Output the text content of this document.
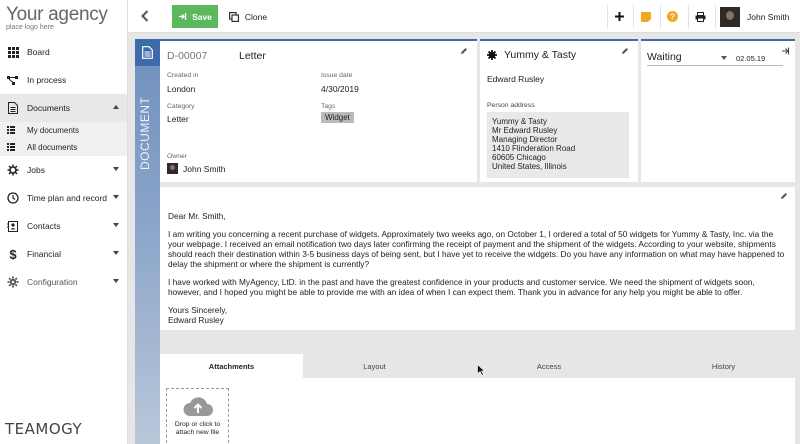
Your agency
place logo here
Board
In process
Documents
My documents
All documents
Jobs
Time plan and record
Contacts
$ Financial
Configuration
TEAMOGY
Save	Clone	?	John Smith
DOCUMENT
D-00007	Letter
Created in
London
Issue date
4/30/2019
Category
Letter
Tags
Widget
Owner
John Smith
Yummy & Tasty
Edward Rusley
Person address
Yummy & Tasty
Mr Edward Rusley
Managing Director
1410 Flinderation Road
60605 Chicago
United States, Illinois
Waiting	02.05.19

Dear Mr. Smith,

I am writing you concerning a recent purchase of widgets. Approximately two weeks ago, on October 1, I ordered a total of 50 widgets for Yummy & Tasty, Inc. via the your webpage. I received an email notification two days later confirming the receipt of payment and the shipment of the widgets. According to your website, shipments should reach their destination within 3-5 business days of being sent, but I have yet to receive the widgets. Do you have any information on what may have happened to delay the shipment or where the shipment is currently?

I have worked with MyAgency, LtD. in the past and have the greatest confidence in your products and customer service. We need the shipment of widgets soon, however, and I hoped you might be able to provide me with an idea of when I can expect them. Thank you in advance for any help you might be able to offer.

Yours Sincerely,

Edward Rusley

Attachments	Layout	Access	History
Drop or click to
attach new file
